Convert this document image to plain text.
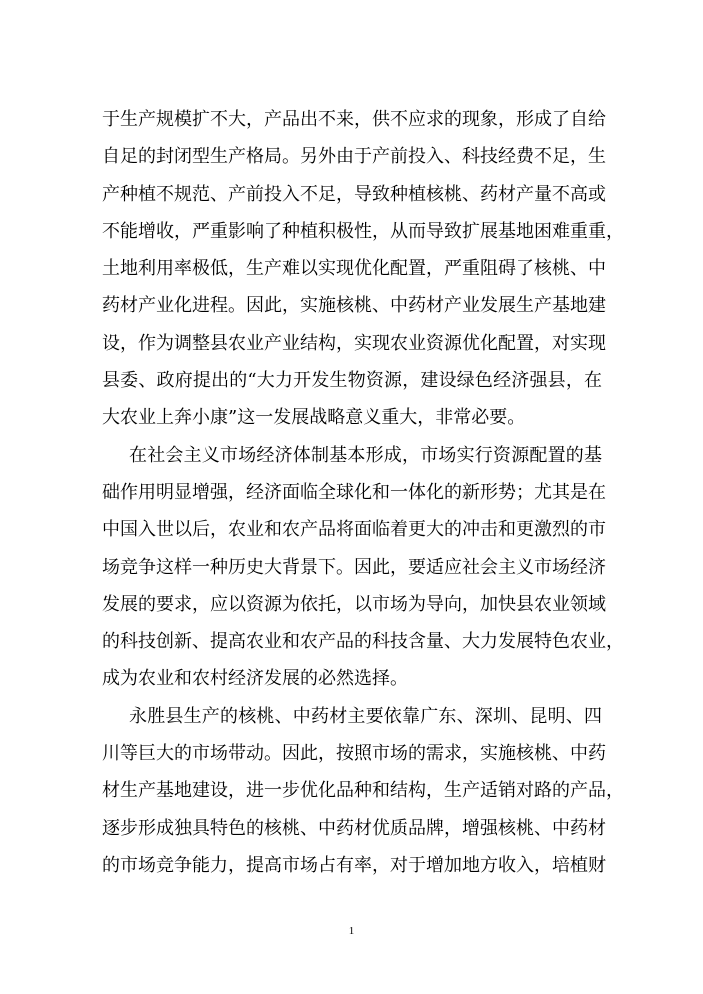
于生产规模扩不大，产品出不来，供不应求的现象，形成了自给
自足的封闭型生产格局。另外由于产前投入、科技经费不足，生
产种植不规范、产前投入不足，导致种植核桃、药材产量不高或
不能增收，严重影响了种植积极性，从而导致扩展基地困难重重，
土地利用率极低，生产难以实现优化配置，严重阻碍了核桃、中
药材产业化进程。因此，实施核桃、中药材产业发展生产基地建
设，作为调整县农业产业结构，实现农业资源优化配置，对实现
县委、政府提出的“大力开发生物资源，建设绿色经济强县，在
大农业上奔小康”这一发展战略意义重大，非常必要。
在社会主义市场经济体制基本形成，市场实行资源配置的基
础作用明显增强，经济面临全球化和一体化的新形势；尤其是在
中国入世以后，农业和农产品将面临着更大的冲击和更激烈的市
场竞争这样一种历史大背景下。因此，要适应社会主义市场经济
发展的要求，应以资源为依托，以市场为导向，加快县农业领域
的科技创新、提高农业和农产品的科技含量、大力发展特色农业，
成为农业和农村经济发展的必然选择。
永胜县生产的核桃、中药材主要依靠广东、深圳、昆明、四
川等巨大的市场带动。因此，按照市场的需求，实施核桃、中药
材生产基地建设，进一步优化品种和结构，生产适销对路的产品，
逐步形成独具特色的核桃、中药材优质品牌，增强核桃、中药材
的市场竞争能力，提高市场占有率，对于增加地方收入，培植财
1
